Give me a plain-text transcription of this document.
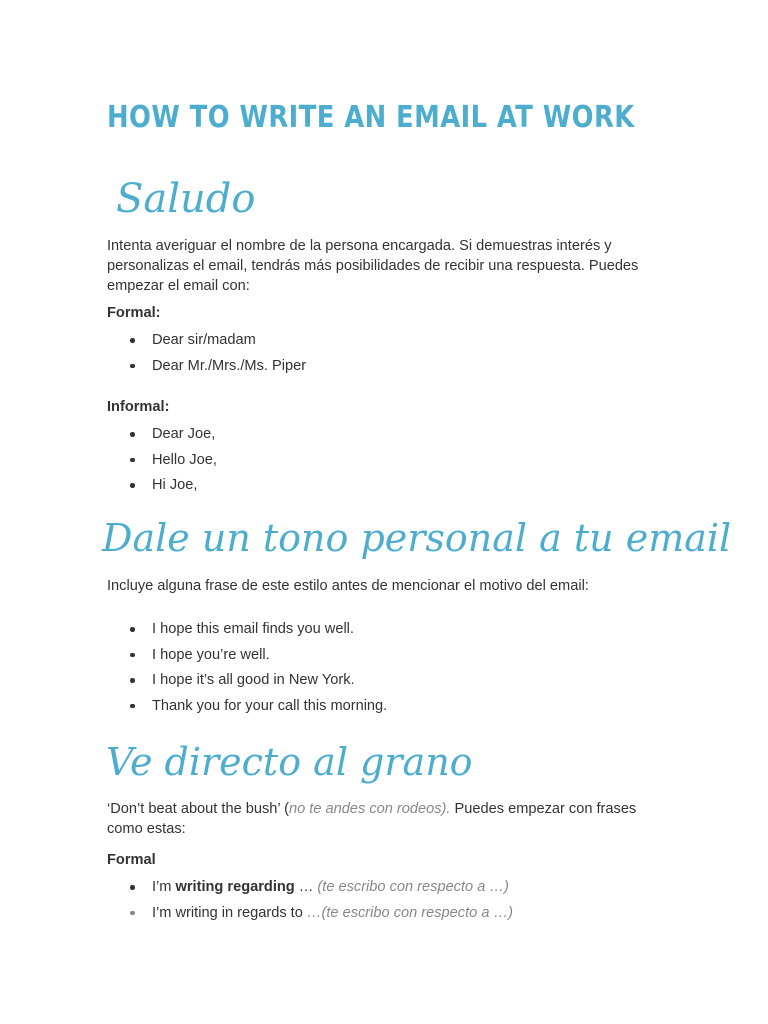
HOW TO WRITE AN EMAIL AT WORK
Saludo
Intenta averiguar el nombre de la persona encargada. Si demuestras interés y personalizas el email, tendrás más posibilidades de recibir una respuesta. Puedes empezar el email con:
Formal:
Dear sir/madam
Dear Mr./Mrs./Ms. Piper
Informal:
Dear Joe,
Hello Joe,
Hi Joe,
Dale un tono personal a tu email
Incluye alguna frase de este estilo antes de mencionar el motivo del email:
I hope this email finds you well.
I hope you’re well.
I hope it’s all good in New York.
Thank you for your call this morning.
Ve directo al grano
‘Don’t beat about the bush’ (no te andes con rodeos). Puedes empezar con frases como estas:
Formal
I’m writing regarding … (te escribo con respecto a …)
I’m writing in regards to …(te escribo con respecto a …)
